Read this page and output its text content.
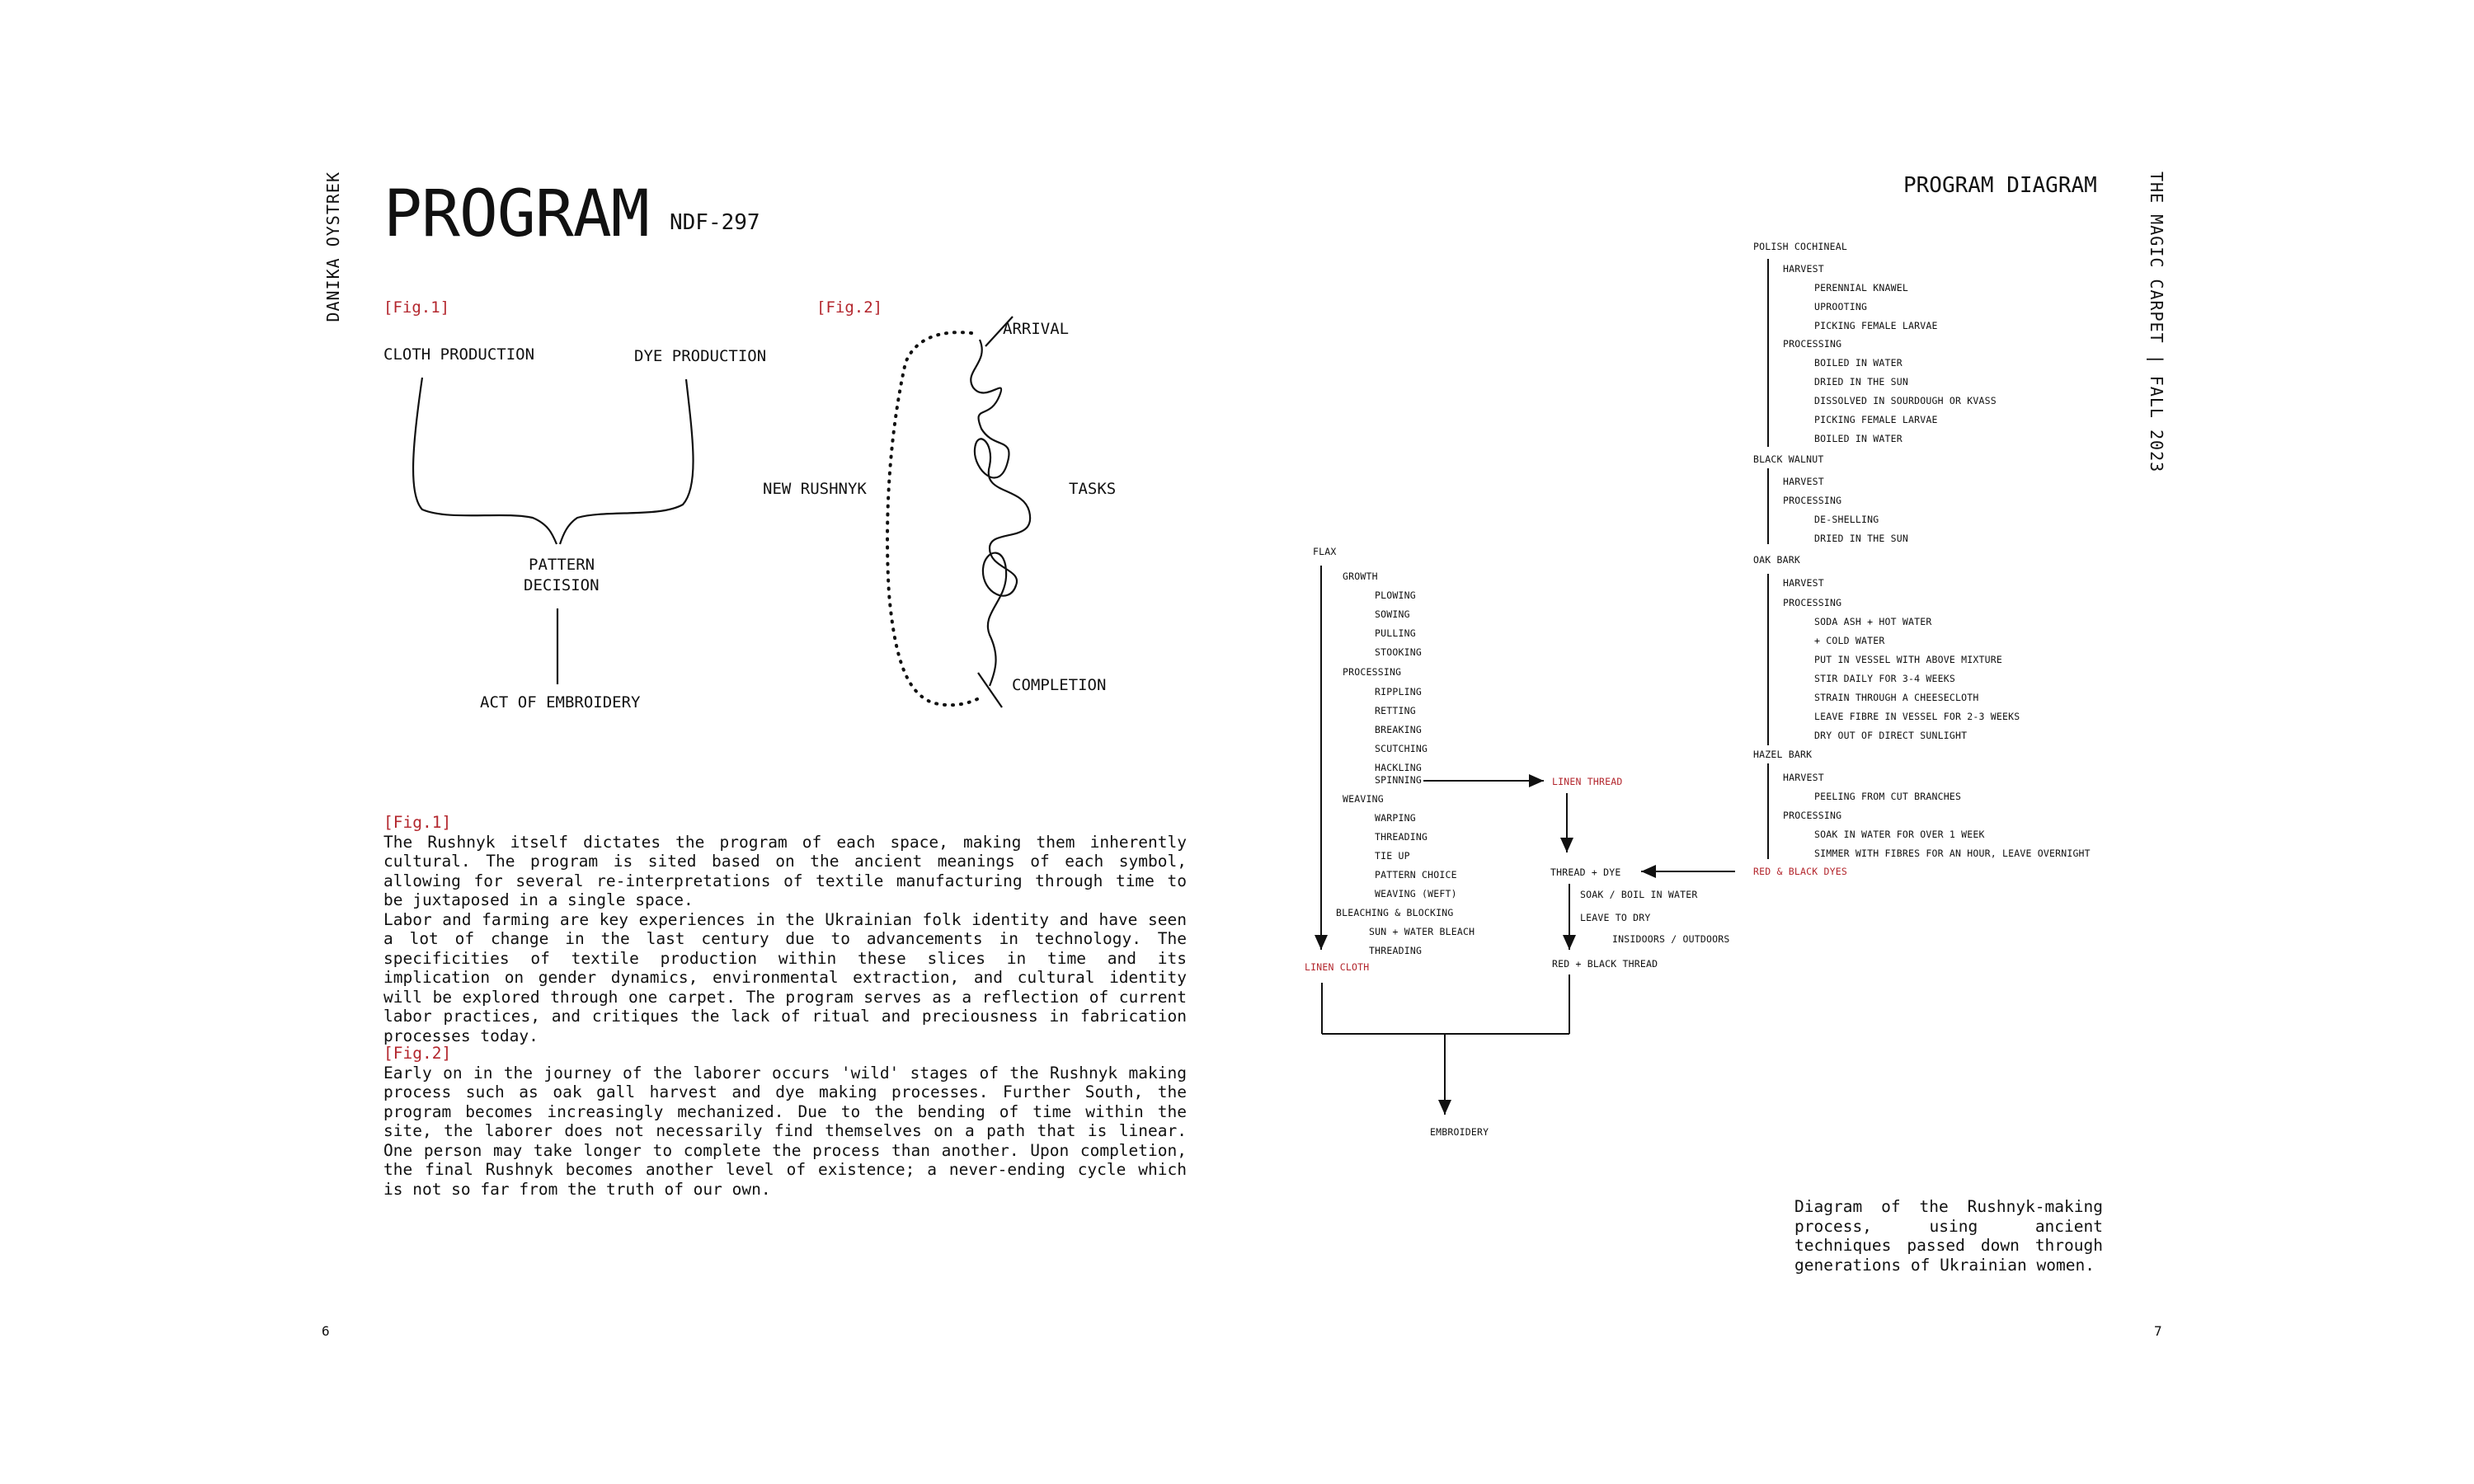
DANIKA OYSTREK PROGRAM NDF-297
[Fig.1]
CLOTH PRODUCTION	DYE PRODUCTION
PATTERN
DECISION
ACT OF EMBROIDERY
[Fig.2]
ARRIVAL
NEW RUSHNYK	TASKS
COMPLETION
[Fig.1]

The Rushnyk itself dictates the program of each space, making them inherently cultural. The program is sited based on the ancient meanings of each symbol, allowing for several re-interpretations of textile manufacturing through time to be juxtaposed in a single space.

Labor and farming are key experiences in the Ukrainian folk identity and have seen a lot of change in the last century due to advancements in technology. The specificities of textile production within these slices in time and its implication on gender dynamics, environmental extraction, and cultural identity will be explored through one carpet. The program serves as a reflection of current labor practices, and critiques the lack of ritual and preciousness in fabrication processes today.

[Fig.2]

Early on in the journey of the laborer occurs 'wild' stages of the Rushnyk making process such as oak gall harvest and dye making processes. Further South, the program becomes increasingly mechanized. Due to the bending of time within the site, the laborer does not necessarily find themselves on a path that is linear. One person may take longer to complete the process than another. Upon completion, the final Rushnyk becomes another level of existence; a never-ending cycle which is not so far from the truth of our own.

6
PROGRAM DIAGRAM	THE MAGIC CARPET | FALL 2023
FLAX
GROWTH
PLOWING
SOWING
PULLING
STOOKING
PROCESSING
RIPPLING
RETTING
BREAKING
SCUTCHING
HACKLING
SPINNING
WEAVING
WARPING
THREADING
TIE UP
PATTERN CHOICE
WEAVING (WEFT)
BLEACHING & BLOCKING
SUN + WATER BLEACH
THREADING
LINEN CLOTH
LINEN THREAD
THREAD + DYE
SOAK / BOIL IN WATER
LEAVE TO DRY
INSIDOORS / OUTDOORS
RED + BLACK THREAD
RED & BLACK DYES
EMBROIDERY
POLISH COCHINEAL
HARVEST
PERENNIAL KNAWEL
UPROOTING
PICKING FEMALE LARVAE
PROCESSING
BOILED IN WATER
DRIED IN THE SUN
DISSOLVED IN SOURDOUGH OR KVASS
PICKING FEMALE LARVAE
BOILED IN WATER
BLACK WALNUT
HARVEST
PROCESSING
DE-SHELLING
DRIED IN THE SUN
OAK BARK
HARVEST
PROCESSING
SODA ASH + HOT WATER
+ COLD WATER
PUT IN VESSEL WITH ABOVE MIXTURE
STIR DAILY FOR 3-4 WEEKS
STRAIN THROUGH A CHEESECLOTH
LEAVE FIBRE IN VESSEL FOR 2-3 WEEKS
DRY OUT OF DIRECT SUNLIGHT
HAZEL BARK
HARVEST
PEELING FROM CUT BRANCHES
PROCESSING
SOAK IN WATER FOR OVER 1 WEEK
SIMMER WITH FIBRES FOR AN HOUR, LEAVE OVERNIGHT
Diagram of the Rushnyk-making process, using ancient techniques passed down through generations of Ukrainian women.
7
